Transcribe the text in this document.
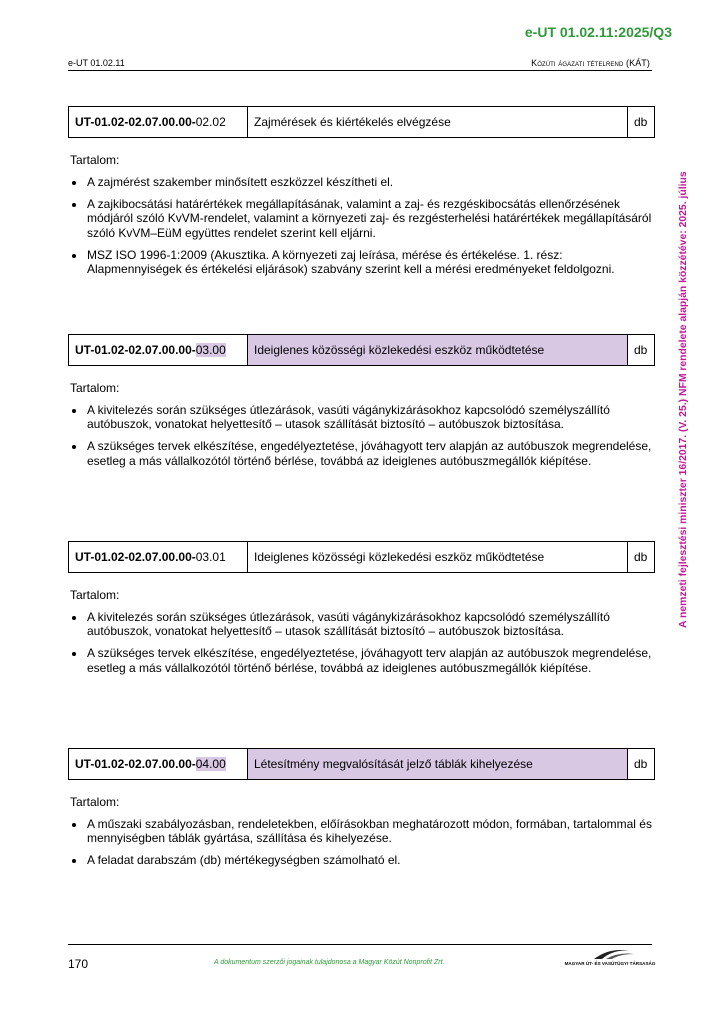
e-UT 01.02.11:2025/Q3
e-UT 01.02.11	Közúti ágazati tételrend (KÁT)
A nemzeti fejlesztési miniszter 16/2017. (V. 25.) NFM rendelete alapján közzétéve: 2025. július
UT-01.02-02.07.00.00-02.02	Zajmérések és kiértékelés elvégzése	db
Tartalom:
• A zajmérést szakember minősített eszközzel készítheti el.
• A zajkibocsátási határértékek megállapításának, valamint a zaj- és rezgéskibocsátás ellenőrzésének módjáról szóló KvVM-rendelet, valamint a környezeti zaj- és rezgésterhelési határértékek megállapításáról szóló KvVM–EüM együttes rendelet szerint kell eljárni.
• MSZ ISO 1996-1:2009 (Akusztika. A környezeti zaj leírása, mérése és értékelése. 1. rész: Alapmennyiségek és értékelési eljárások) szabvány szerint kell a mérési eredményeket feldolgozni.
UT-01.02-02.07.00.00-03.00	Ideiglenes közösségi közlekedési eszköz működtetése	db
Tartalom:
• A kivitelezés során szükséges útlezárások, vasúti vágánykizárásokhoz kapcsolódó személyszállító autóbuszok, vonatokat helyettesítő – utasok szállítását biztosító – autóbuszok biztosítása.
• A szükséges tervek elkészítése, engedélyeztetése, jóváhagyott terv alapján az autóbuszok megrendelése, esetleg a más vállalkozótól történő bérlése, továbbá az ideiglenes autóbuszmegállók kiépítése.
UT-01.02-02.07.00.00-03.01	Ideiglenes közösségi közlekedési eszköz működtetése	db
Tartalom:
• A kivitelezés során szükséges útlezárások, vasúti vágánykizárásokhoz kapcsolódó személyszállító autóbuszok, vonatokat helyettesítő – utasok szállítását biztosító – autóbuszok biztosítása.
• A szükséges tervek elkészítése, engedélyeztetése, jóváhagyott terv alapján az autóbuszok megrendelése, esetleg a más vállalkozótól történő bérlése, továbbá az ideiglenes autóbuszmegállók kiépítése.
UT-01.02-02.07.00.00-04.00	Létesítmény megvalósítását jelző táblák kihelyezése	db
Tartalom:
• A műszaki szabályozásban, rendeletekben, előírásokban meghatározott módon, formában, tartalommal és mennyiségben táblák gyártása, szállítása és kihelyezése.
• A feladat darabszám (db) mértékegységben számolható el.
170	A dokumentum szerzői jogainak tulajdonosa a Magyar Közút Nonprofit Zrt.	MAGYAR ÚT- ÉS VASÚTÜGYI TÁRSASÁG
